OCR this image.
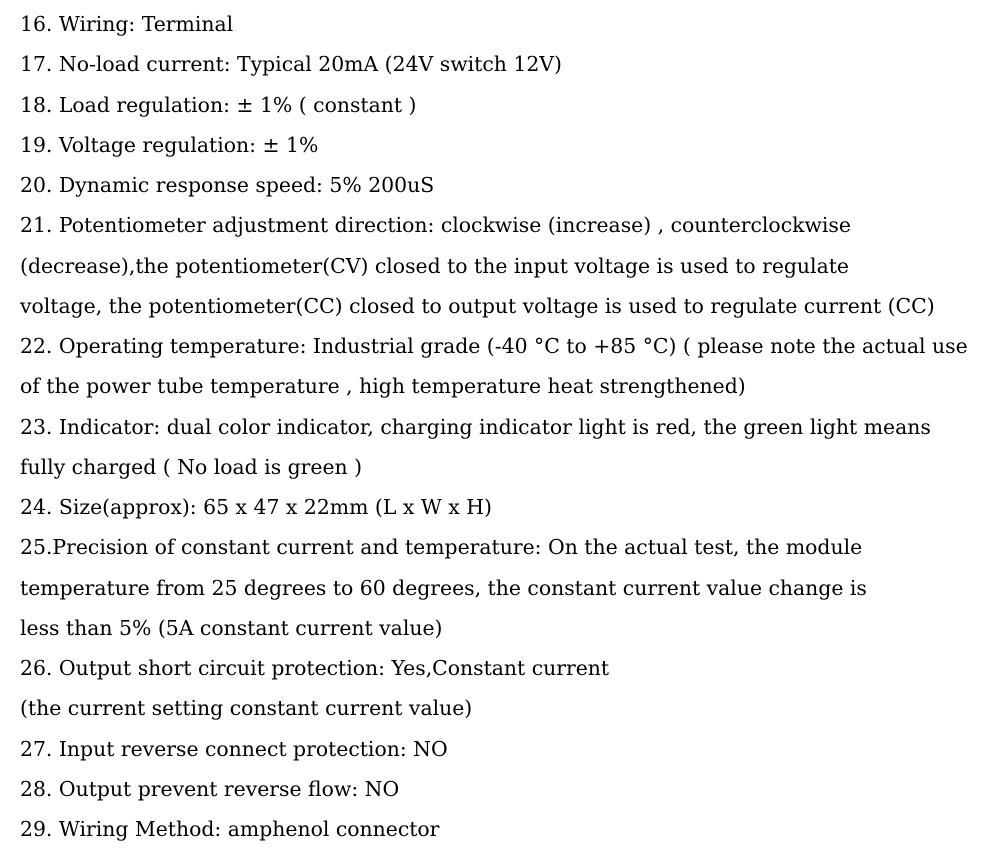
16. Wiring: Terminal
17. No-load current: Typical 20mA (24V switch 12V)
18. Load regulation: ± 1% ( constant )
19. Voltage regulation: ± 1%
20. Dynamic response speed: 5% 200uS
21. Potentiometer adjustment direction: clockwise (increase) , counterclockwise
(decrease),the potentiometer(CV) closed to the input voltage is used to regulate
voltage, the potentiometer(CC) closed to output voltage is used to regulate current (CC)
22. Operating temperature: Industrial grade (-40 °C to +85 °C) ( please note the actual use
of the power tube temperature , high temperature heat strengthened)
23. Indicator: dual color indicator, charging indicator light is red, the green light means
fully charged ( No load is green )
24. Size(approx): 65 x 47 x 22mm (L x W x H)
25.Precision of constant current and temperature: On the actual test, the module
temperature from 25 degrees to 60 degrees, the constant current value change is
less than 5% (5A constant current value)
26. Output short circuit protection: Yes,Constant current
(the current setting constant current value)
27. Input reverse connect protection: NO
28. Output prevent reverse flow: NO
29. Wiring Method: amphenol connector
